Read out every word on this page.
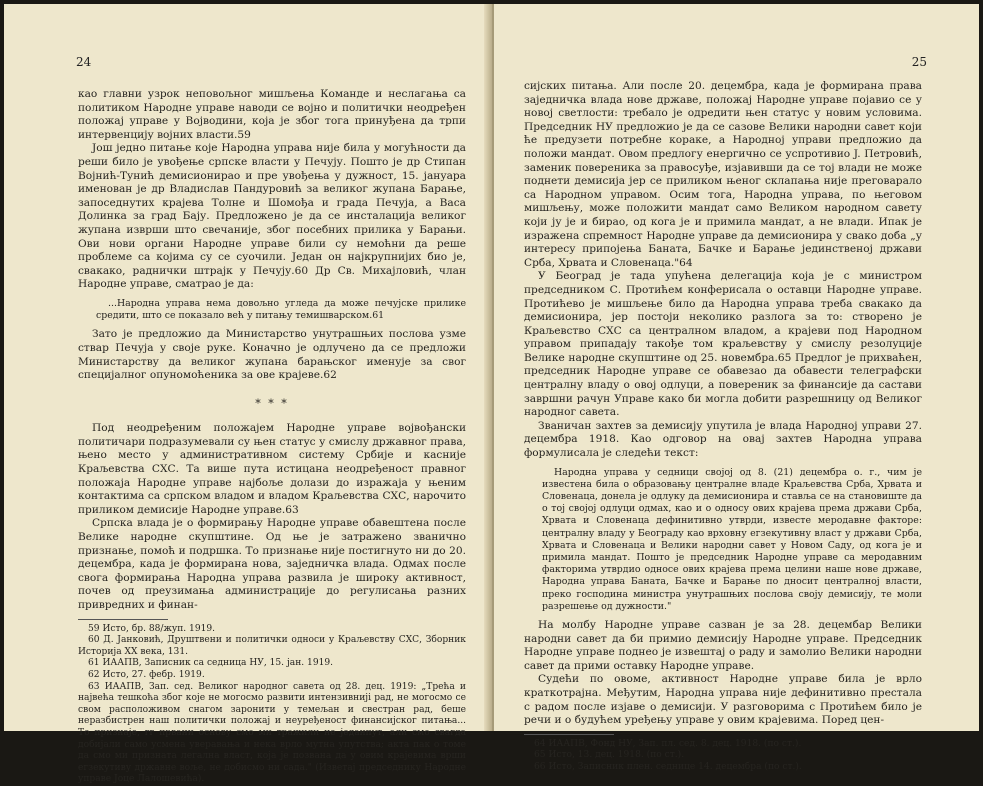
24

као главни узрок неповољног мишљења Команде и неслагања са политиком Народне управе наводи се војно и политички неодређен положај управе у Војводини, која је због тога принуђена да трпи интервенцију војних власти.59

Још једно питање које Народна управа није била у могућности да реши било је увођење српске власти у Печују. Пошто је др Стипан Војнић-Тунић демисионирао и пре увођења у дужност, 15. јануара именован је др Владислав Пандуровић за великог жупана Барање, запоседнутих крајева Толне и Шомођа и града Печуја, а Васа Долинка за град Бају. Предложено је да се инсталација великог жупана изврши што свечаније, због посебних прилика у Барањи. Ови нови органи Народне управе били су немоћни да реше проблеме са којима су се суочили. Један он најкрупнијих био је, свакако, раднички штрајк у Печују.60 Др Св. Михаjловић, члан Народне управе, сматрао је да:

...Народна управа нема довољно угледа да може печујске прилике средити, што се показало већ у питању темишварском.61

Зато је предложио да Министарство унутрашњих послова узме ствар Печуја у своје руке. Коначно је одлучено да се предложи Министарству да великог жупана барањског именује за свог специјалног опуномоћеника за ове крајеве.62

* * *

Под неодређеним положајем Народне управе војвођански политичари подразумевали су њен статус у смислу државног права, њено место у административном систему Србије и касније Краљевства СХС. Та више пута истицана неодређеност правног положаја Народне управе најбоље долази до изражаја у њеним контактима са српском владом и владом Краљевства СХС, нарочито приликом демисије Народне управе.63

Српска влада је о формирању Народне управе обавештена после Велике народне скупштине. Од ње је затражено званично признање, помоћ и подршка. То признање није постигнуто ни до 20. децембра, када је формирана нова, заједничка влада. Одмах после свога формирања Народна управа развила је широку активност, почев од преузимања администрације до регулисања разних привредних и финан-

59 Исто, бр. 88/жуп. 1919.

60 Д. Јанковић, Друштвени и политички односи у Краљевству СХС, Зборник Историја XX века, 131.

61 ИААПВ, Записник са седница НУ, 15. јан. 1919.

62 Исто, 27. фебр. 1919.

63 ИААПВ, Зап. сед. Великог народног савета од 28. дец. 1919: „Трећа и највећа тешкоћа због које не могосмо развити интензивниji рад, не могосмо се свом расположивом снагом заронити у темељан и свестран рад, беше неразбистрен наш политички положај и неуређеност финансијског питања... То признаје, гг првани основу смо ми тражили не једанпут, али смо свагда добијали само усмена уверавања и нека врло мутна упутства; акта пак о томе да смо ми призната легална власт, која је позвана да у овим крајевима врши егзекутиву државне воље, не добисмо ни сада." (Изветај председнику Народне управе Јоце Лалошевића).

25

сијских питања. Али после 20. децембра, када је формирана права заједничка влада нове државе, положај Народне управе појавио се у новој светлости: требало је одредити њен статус у новим условима. Председник НУ предложио је да се сазове Велики народни савет који ће предузети потребне кораке, а Народној управи предложио да положи мандат. Овом предлогу енергично се успротивио J. Петровић, заменик повереника за правосуђе, изјавивши да се тој влади не може поднети демисија јер се приликом њеног склапања није преговарало са Народном управом. Осим тога, Народна управа, по његовом мишљењу, може положити мандат само Великом народном савету који ју је и бирао, од кога је и примила мандат, а не влади. Ипак је изражена спремност Народне управе да демисионира у свако доба „у интересу припојења Баната, Бачке и Барање јединственој држави Срба, Хрвата и Словенаца."64

У Београд је тада упућена делегација која је с министром председником С. Протићем конферисала о оставци Народне управе. Протићево је мишљење било да Народна управа треба свакако да демисионира, јер постоји неколико разлога за то: створено је Краљевство СХС са централном владом, а крајеви под Народном управом припадају такође том краљевству у смислу резолуције Велике народне скупштине од 25. новембра.65 Предлог је прихваћен, председник Народне управе се обавезао да обавести телеграфски централну владу о овој одлуци, а повереник за финансије да састави завршни рачун Управе како би могла добити разрешницу од Великог народног савета.

Званичан захтев за демисију упутила је влада Народној управи 27. децембра 1918. Као одговор на овај захтев Народна управа формулисала је следећи текст:

Народна управа у седници својој од 8. (21) децембра о. г., чим је известена била о образовању централне владе Краљевства Срба, Хрвата и Словенаца, донела је одлуку да демисионира и ставља се на становиште да о тој својој одлуци одмах, као и о односу ових крајева према држави Срба, Хрвата и Словенаца дефинитивно утврди, известе меродавне факторе: централну владу у Београду као врховну егзекутивну власт у држави Срба, Хрвата и Словенаца и Велики народни савет у Новом Саду, од кога је и примила мандат. Пошто је председник Народне управе са меродавним факторима утврдио односе ових крајева према целини наше нове државе, Народна управа Баната, Бачке и Барање по дносит централној власти, преко господина министра унутрашњих послова своју демисију, те моли разрешење од дужности."

На молбу Народне управе сазван је за 28. децембар Велики народни савет да би примио демисију Народне управе. Председник Народне управе поднео је извештај о раду и замолио Велики народни савет да прими оставку Народне управе.

Судећи по овоме, активност Народне управе била је врло краткотрајна. Међутим, Народна управа није дефинитивно престала с радом после изјаве о демисији. У разговорима с Протићем било је речи и о будућем уређењу управе у овим крајевима. Поред цен-

64 ИААПВ, Фонд НУ, Зап. пл. сед. 8. дец. 1918. (по ст.).

65 Исто, 13. дец. 1918. (по ст.).

66 Исто, Записник плен. седнице 14. децембра (по ст.).
